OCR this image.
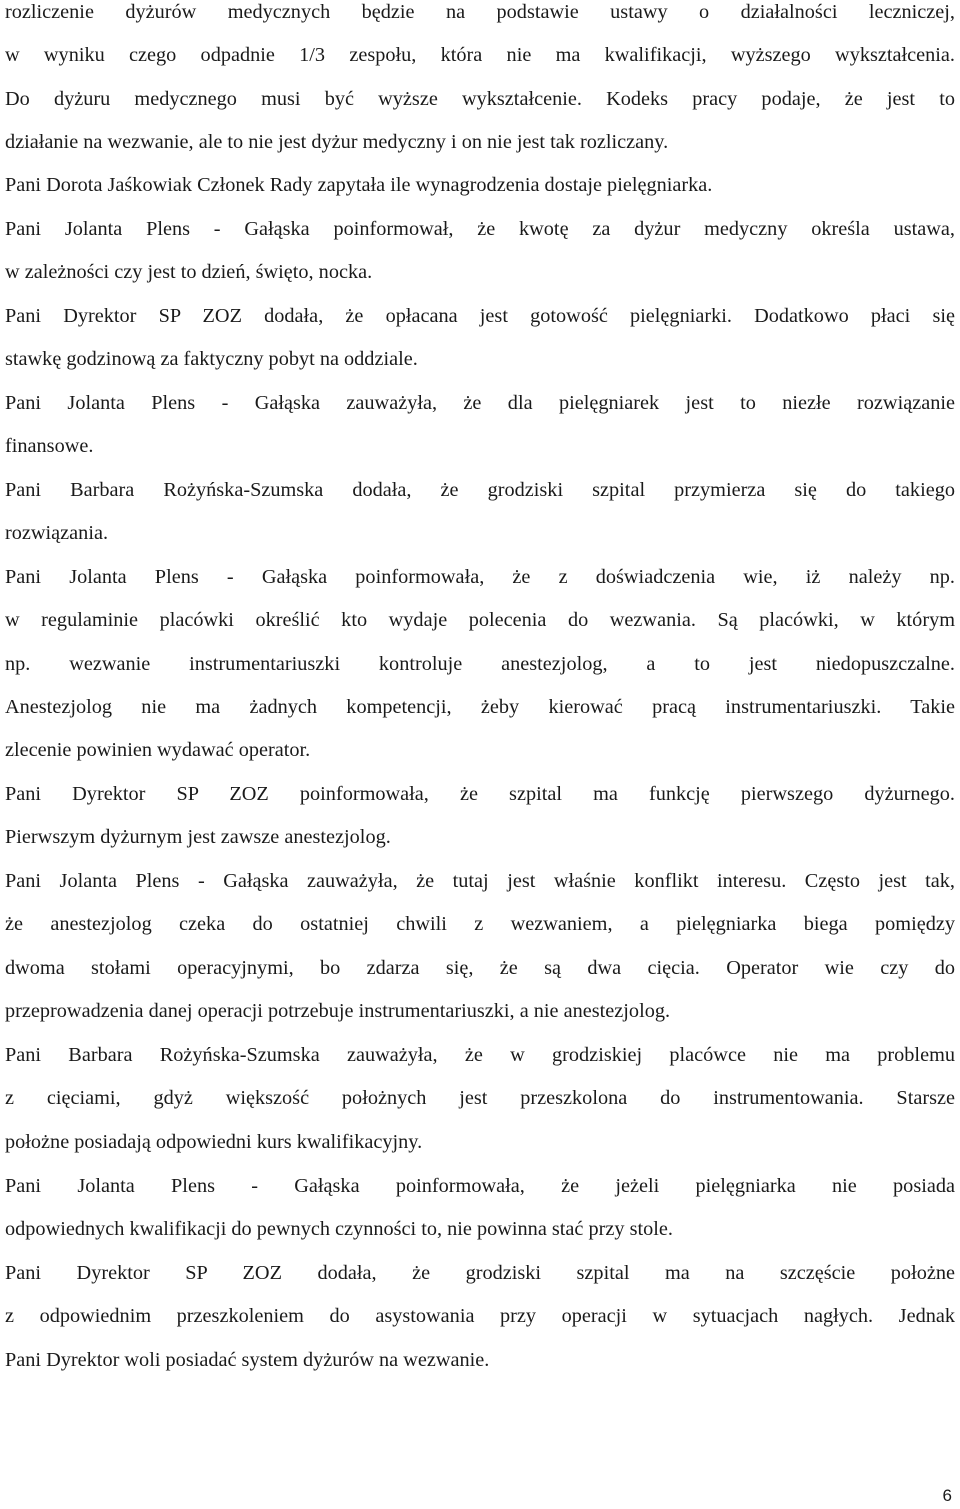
rozliczenie dyżurów medycznych będzie na podstawie ustawy o działalności leczniczej,
w wyniku czego odpadnie 1/3 zespołu, która nie ma kwalifikacji, wyższego wykształcenia.
Do dyżuru medycznego musi być wyższe wykształcenie. Kodeks pracy podaje, że jest to
działanie na wezwanie, ale to nie jest dyżur medyczny i on nie jest tak rozliczany.
Pani Dorota Jaśkowiak Członek Rady zapytała ile wynagrodzenia dostaje pielęgniarka.
Pani Jolanta Plens - Gałąska poinformował, że kwotę za dyżur medyczny określa ustawa,
w zależności czy jest to dzień, święto, nocka.
Pani Dyrektor SP ZOZ dodała, że opłacana jest gotowość pielęgniarki. Dodatkowo płaci się
stawkę godzinową za faktyczny pobyt na oddziale.
Pani Jolanta Plens - Gałąska zauważyła, że dla pielęgniarek jest to niezłe rozwiązanie
finansowe.
Pani Barbara Rożyńska-Szumska dodała, że grodziski szpital przymierza się do takiego
rozwiązania.
Pani Jolanta Plens - Gałąska poinformowała, że z doświadczenia wie, iż należy np.
w regulaminie placówki określić kto wydaje polecenia do wezwania. Są placówki, w którym
np. wezwanie instrumentariuszki kontroluje anestezjolog, a to jest niedopuszczalne.
Anestezjolog nie ma żadnych kompetencji, żeby kierować pracą instrumentariuszki. Takie
zlecenie powinien wydawać operator.
Pani Dyrektor SP ZOZ poinformowała, że szpital ma funkcję pierwszego dyżurnego.
Pierwszym dyżurnym jest zawsze anestezjolog.
Pani Jolanta Plens - Gałąska zauważyła, że tutaj jest właśnie konflikt interesu. Często jest tak,
że anestezjolog czeka do ostatniej chwili z wezwaniem, a pielęgniarka biega pomiędzy
dwoma stołami operacyjnymi, bo zdarza się, że są dwa cięcia. Operator wie czy do
przeprowadzenia danej operacji potrzebuje instrumentariuszki, a nie anestezjolog.
Pani Barbara Rożyńska-Szumska zauważyła, że w grodziskiej placówce nie ma problemu
z cięciami, gdyż większość położnych jest przeszkolona do instrumentowania. Starsze
położne posiadają odpowiedni kurs kwalifikacyjny.
Pani Jolanta Plens - Gałąska poinformowała, że jeżeli pielęgniarka nie posiada
odpowiednych kwalifikacji do pewnych czynności to, nie powinna stać przy stole.
Pani Dyrektor SP ZOZ dodała, że grodziski szpital ma na szczęście położne
z odpowiednim przeszkoleniem do asystowania przy operacji w sytuacjach nagłych. Jednak
Pani Dyrektor woli posiadać system dyżurów na wezwanie.
6
